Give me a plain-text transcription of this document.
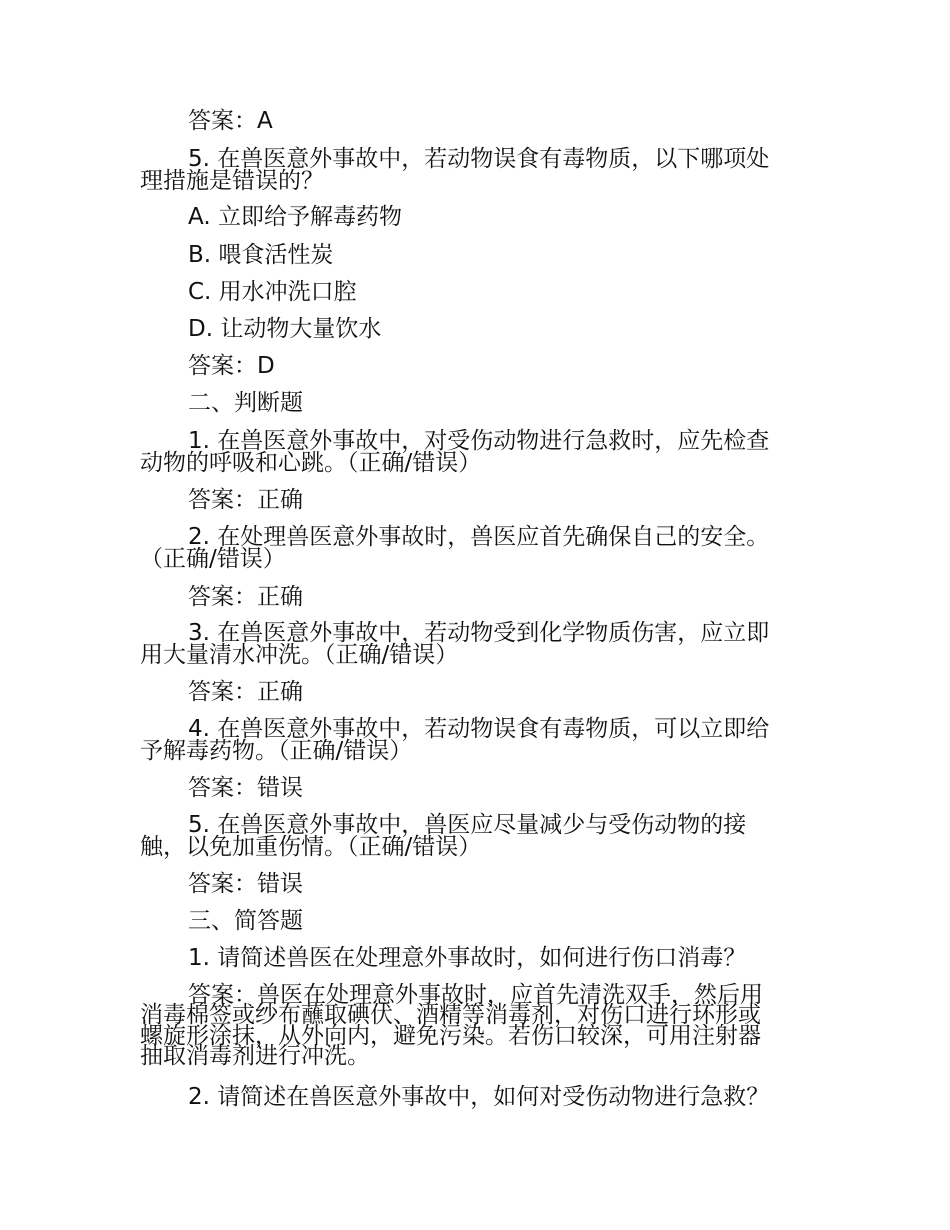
答案：A
5. 在兽医意外事故中，若动物误食有毒物质，以下哪项处
理措施是错误的？
A. 立即给予解毒药物
B. 喂食活性炭
C. 用水冲洗口腔
D. 让动物大量饮水
答案：D
二、判断题
1. 在兽医意外事故中，对受伤动物进行急救时，应先检查
动物的呼吸和心跳。（正确/错误）
答案：正确
2. 在处理兽医意外事故时，兽医应首先确保自己的安全。
（正确/错误）
答案：正确
3. 在兽医意外事故中，若动物受到化学物质伤害，应立即
用大量清水冲洗。（正确/错误）
答案：正确
4. 在兽医意外事故中，若动物误食有毒物质，可以立即给
予解毒药物。（正确/错误）
答案：错误
5. 在兽医意外事故中，兽医应尽量减少与受伤动物的接
触，以免加重伤情。（正确/错误）
答案：错误
三、简答题
1. 请简述兽医在处理意外事故时，如何进行伤口消毒？
答案：兽医在处理意外事故时，应首先清洗双手，然后用
消毒棉签或纱布蘸取碘伏、酒精等消毒剂，对伤口进行环形或
螺旋形涂抹，从外向内，避免污染。若伤口较深，可用注射器
抽取消毒剂进行冲洗。
2. 请简述在兽医意外事故中，如何对受伤动物进行急救？
